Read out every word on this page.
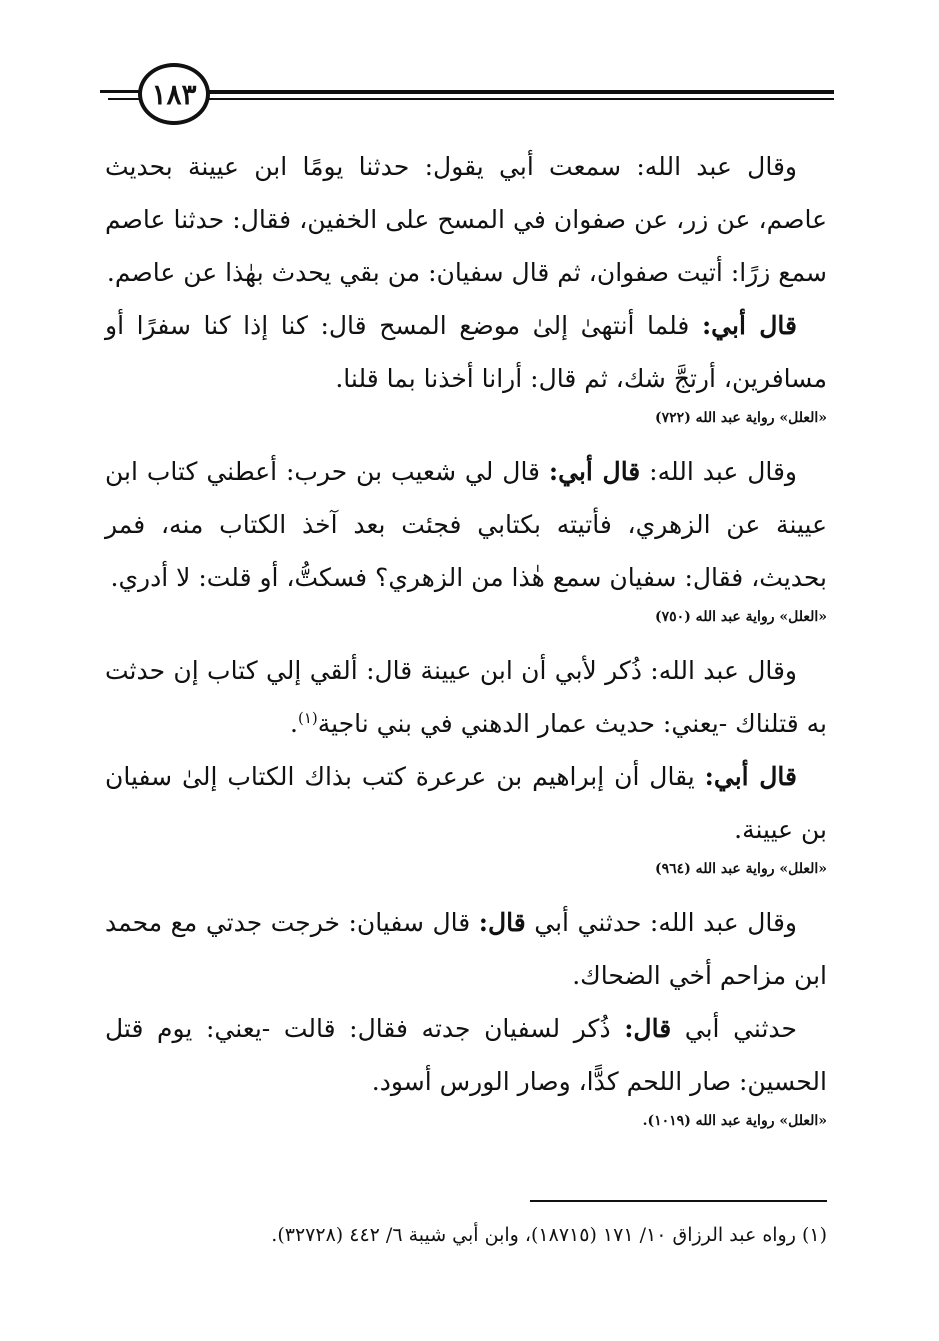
١٨٣

وقال عبد الله: سمعت أبي يقول: حدثنا يومًا ابن عيينة بحديث عاصم، عن زر، عن صفوان في المسح على الخفين، فقال: حدثنا عاصم سمع زرًا: أتيت صفوان، ثم قال سفيان: من بقي يحدث بهٰذا عن عاصم.

قال أبي: فلما أنتهىٰ إلىٰ موضع المسح قال: كنا إذا كنا سفرًا أو مسافرين، أرتجَّ شك، ثم قال: أرانا أخذنا بما قلنا.

«العلل» رواية عبد الله (٧٢٢)

وقال عبد الله: قال أبي: قال لي شعيب بن حرب: أعطني كتاب ابن عيينة عن الزهري، فأتيته بكتابي فجئت بعد آخذ الكتاب منه، فمر بحديث، فقال: سفيان سمع هٰذا من الزهري؟ فسكتُّ، أو قلت: لا أدري.

«العلل» رواية عبد الله (٧٥٠)

وقال عبد الله: ذُكر لأبي أن ابن عيينة قال: ألقي إلي كتاب إن حدثت به قتلناك -يعني: حديث عمار الدهني في بني ناجية$^{(١)}$.

قال أبي: يقال أن إبراهيم بن عرعرة كتب بذاك الكتاب إلىٰ سفيان بن عيينة.

«العلل» رواية عبد الله (٩٦٤)

وقال عبد الله: حدثني أبي قال: قال سفيان: خرجت جدتي مع محمد ابن مزاحم أخي الضحاك.

حدثني أبي قال: ذُكر لسفيان جدته فقال: قالت -يعني: يوم قتل الحسين: صار اللحم كدًّا، وصار الورس أسود.

«العلل» رواية عبد الله (١٠١٩).
(١) رواه عبد الرزاق ١٠/ ١٧١ (١٨٧١٥)، وابن أبي شيبة ٦/ ٤٤٢ (٣٢٧٢٨).
